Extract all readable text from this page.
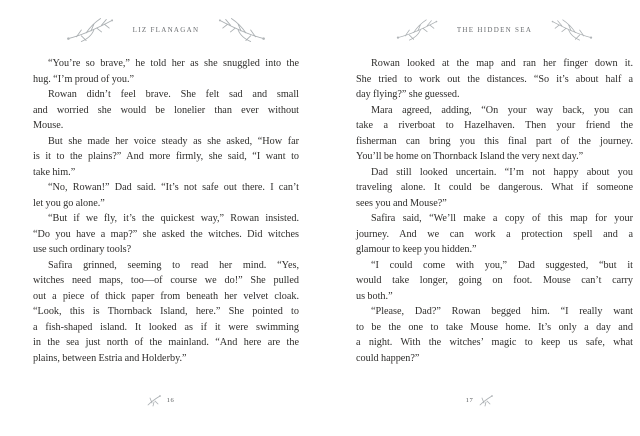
LIZ FLANAGAN
“You’re so brave,” he told her as she snuggled into the
hug. “I’m proud of you.”
Rowan didn’t feel brave. She felt sad and small
and worried she would be lonelier than ever without
Mouse.
But she made her voice steady as she asked, “How far
is it to the plains?” And more firmly, she said, “I want to
take him.”
“No, Rowan!” Dad said. “It’s not safe out there. I can’t
let you go alone.”
“But if we fly, it’s the quickest way,” Rowan insisted.
“Do you have a map?” she asked the witches. Did witches
use such ordinary tools?
Safira grinned, seeming to read her mind. “Yes,
witches need maps, too—of course we do!” She pulled
out a piece of thick paper from beneath her velvet cloak.
“Look, this is Thornback Island, here.” She pointed to
a fish-shaped island. It looked as if it were swimming
in the sea just north of the mainland. “And here are the
plains, between Estria and Holderby.”
16
THE HIDDEN SEA
Rowan looked at the map and ran her finger down it.
She tried to work out the distances. “So it’s about half a
day flying?” she guessed.
Mara agreed, adding, “On your way back, you can
take a riverboat to Hazelhaven. Then your friend the
fisherman can bring you this final part of the journey.
You’ll be home on Thornback Island the very next day.”
Dad still looked uncertain. “I’m not happy about you
traveling alone. It could be dangerous. What if someone
sees you and Mouse?”
Safira said, “We’ll make a copy of this map for your
journey. And we can work a protection spell and a
glamour to keep you hidden.”
“I could come with you,” Dad suggested, “but it
would take longer, going on foot. Mouse can’t carry
us both.”
“Please, Dad?” Rowan begged him. “I really want
to be the one to take Mouse home. It’s only a day and
a night. With the witches’ magic to keep us safe, what
could happen?”
17
